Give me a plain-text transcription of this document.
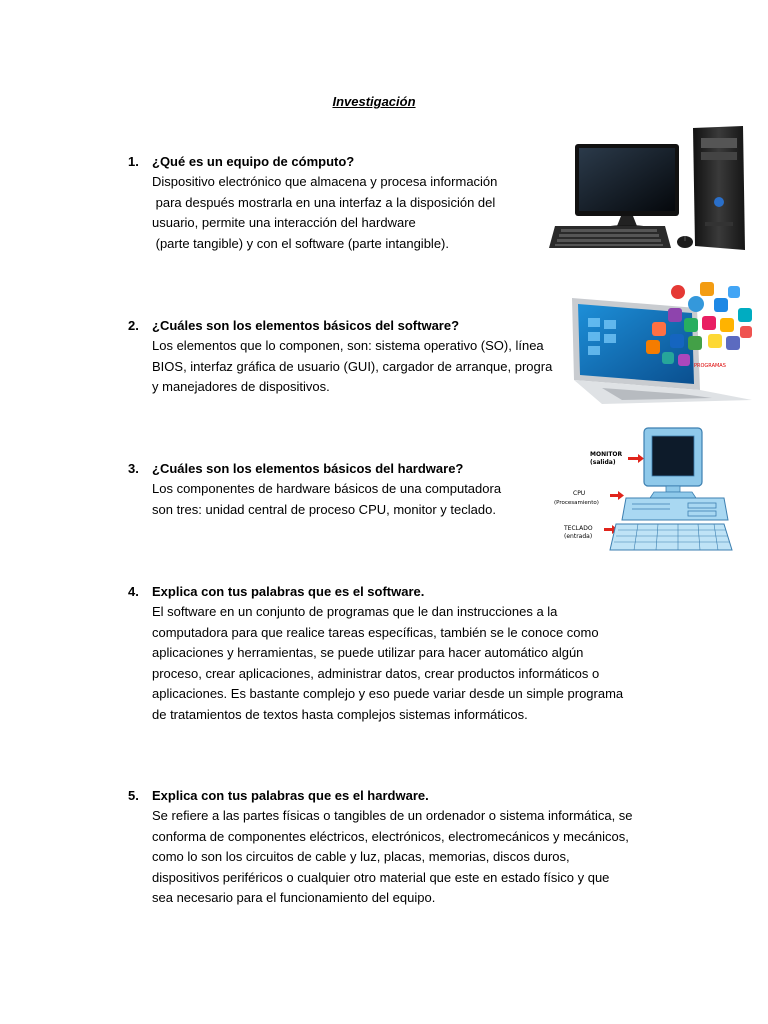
Investigación
1. ¿Qué es un equipo de cómputo?
Dispositivo electrónico que almacena y procesa información
para después mostrarla en una interfaz a la disposición del
usuario, permite una interacción del hardware
(parte tangible) y con el software (parte intangible).
2. ¿Cuáles son los elementos básicos del software?
Los elementos que lo componen, son: sistema operativo (SO), línea
BIOS, interfaz gráfica de usuario (GUI), cargador de arranque, progra
y manejadores de dispositivos.
3. ¿Cuáles son los elementos básicos del hardware?
Los componentes de hardware básicos de una computadora
son tres: unidad central de proceso CPU, monitor y teclado.
4. Explica con tus palabras que es el software.
El software en un conjunto de programas que le dan instrucciones a la
computadora para que realice tareas específicas, también se le conoce como
aplicaciones y herramientas, se puede utilizar para hacer automático algún
proceso, crear aplicaciones, administrar datos, crear productos informáticos o
aplicaciones. Es bastante complejo y eso puede variar desde un simple programa
de tratamientos de textos hasta complejos sistemas informáticos.
5. Explica con tus palabras que es el hardware.
Se refiere a las partes físicas o tangibles de un ordenador o sistema informática, se
conforma de componentes eléctricos, electrónicos, electromecánicos y mecánicos,
como lo son los circuitos de cable y luz, placas, memorias, discos duros,
dispositivos periféricos o cualquier otro material que este en estado físico y que
sea necesario para el funcionamiento del equipo.
PROGRAMAS
MONITOR
(salida)
CPU
(Procesamiento)
TECLADO
(entrada)
